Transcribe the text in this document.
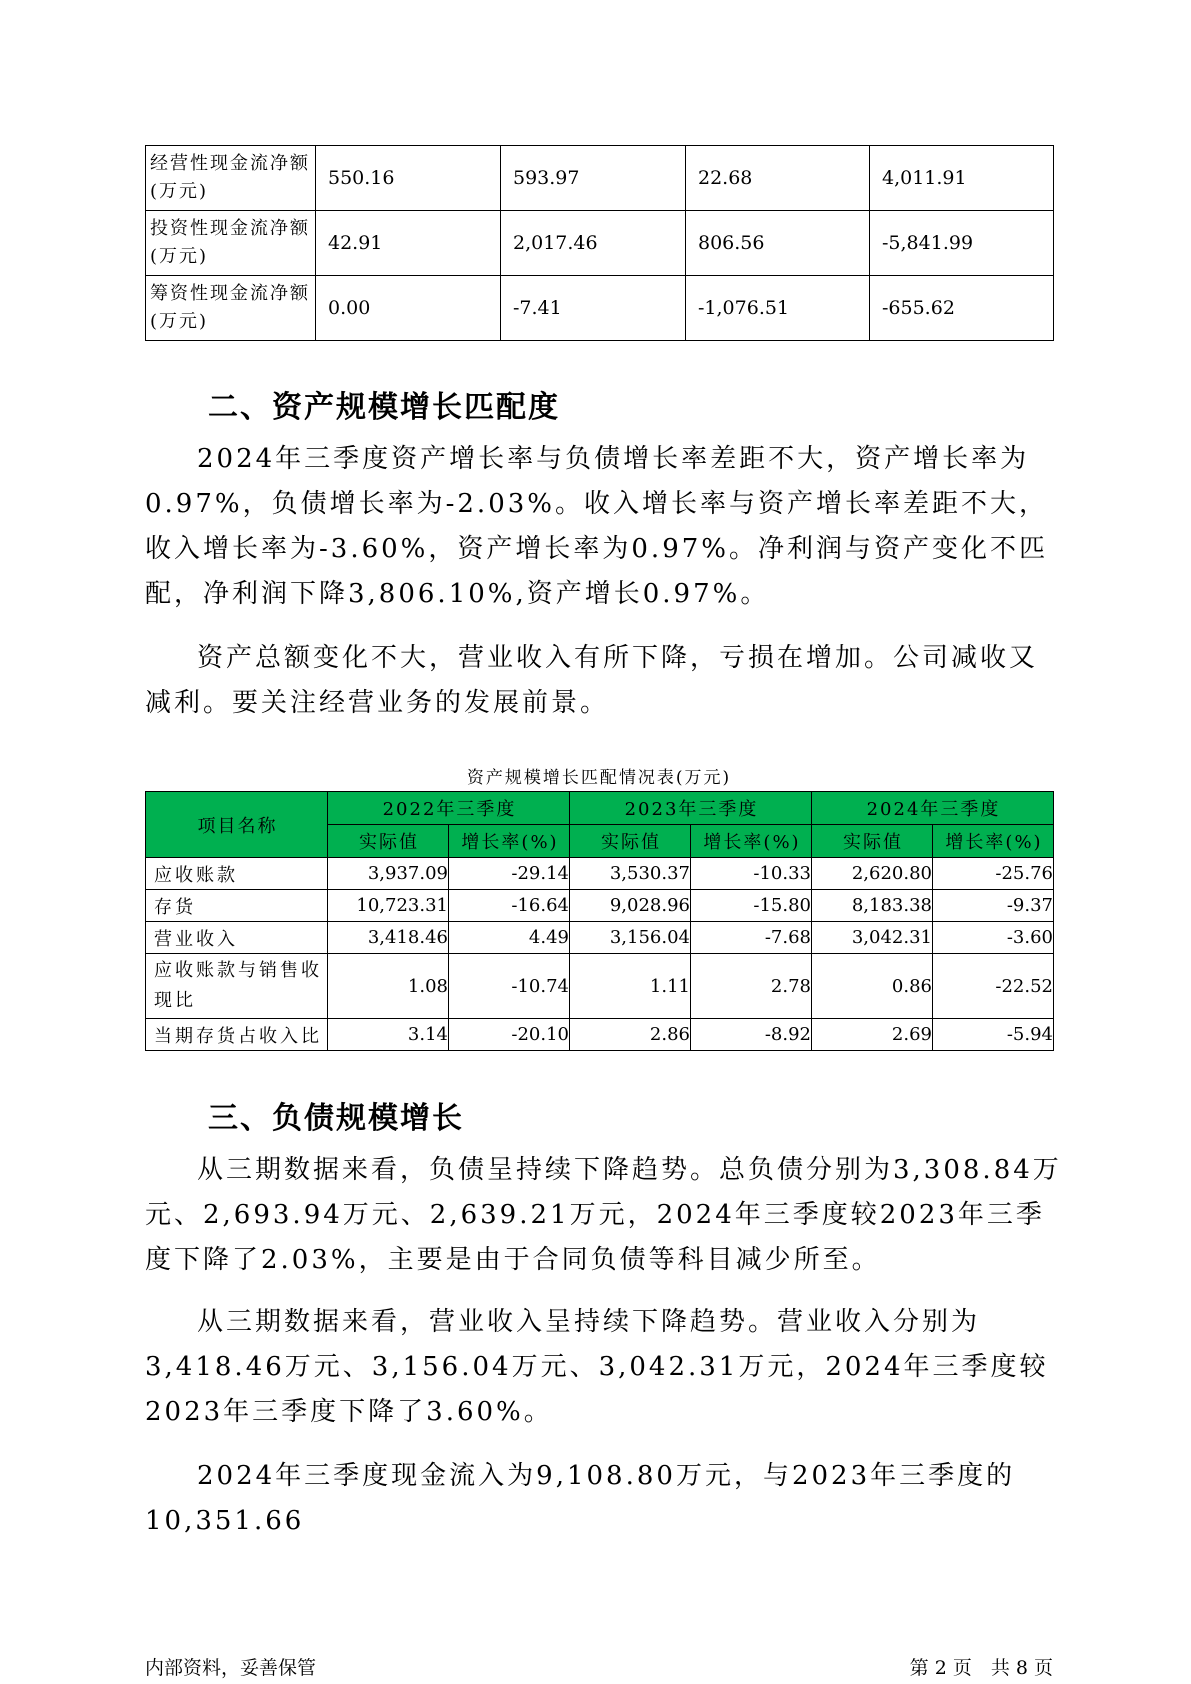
经营性现金流净额(万元)	550.16	593.97	22.68	4,011.91
投资性现金流净额(万元)	42.91	2,017.46	806.56	-5,841.99
筹资性现金流净额(万元)	0.00	-7.41	-1,076.51	-655.62
二、资产规模增长匹配度

2024年三季度资产增长率与负债增长率差距不大，资产增长率为0.97%，负债增长率为-2.03%。收入增长率与资产增长率差距不大，收入增长率为-3.60%，资产增长率为0.97%。净利润与资产变化不匹配，净利润下降3,806.10%,资产增长0.97%。

资产总额变化不大，营业收入有所下降，亏损在增加。公司减收又减利。要关注经营业务的发展前景。

资产规模增长匹配情况表(万元)
项目名称	2022年三季度		2023年三季度		2024年三季度	
	实际值	增长率(%)	实际值	增长率(%)	实际值	增长率(%)
应收账款	3,937.09	-29.14	3,530.37	-10.33	2,620.80	-25.76
存货	10,723.31	-16.64	9,028.96	-15.80	8,183.38	-9.37
营业收入	3,418.46	4.49	3,156.04	-7.68	3,042.31	-3.60
应收账款与销售收现比	1.08	-10.74	1.11	2.78	0.86	-22.52
当期存货占收入比	3.14	-20.10	2.86	-8.92	2.69	-5.94
三、负债规模增长

从三期数据来看，负债呈持续下降趋势。总负债分别为3,308.84万元、2,693.94万元、2,639.21万元，2024年三季度较2023年三季度下降了2.03%，主要是由于合同负债等科目减少所至。

从三期数据来看，营业收入呈持续下降趋势。营业收入分别为3,418.46万元、3,156.04万元、3,042.31万元，2024年三季度较2023年三季度下降了3.60%。

2024年三季度现金流入为9,108.80万元，与2023年三季度的10,351.66

内部资料，妥善保管	第 2 页　共 8 页
